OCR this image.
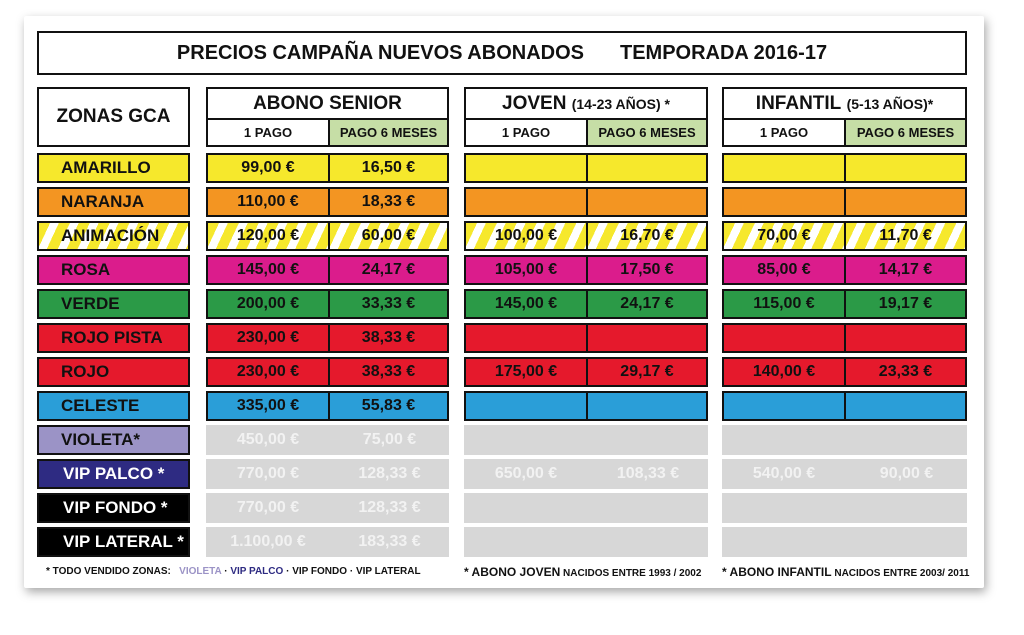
PRECIOS CAMPAÑA NUEVOS ABONADOS TEMPORADA 2016-17
ZONAS GCA
ABONO SENIOR
1 PAGO	PAGO 6 MESES
JOVEN
(14-23 AÑOS) *
1 PAGO	PAGO 6 MESES
INFANTIL
(5-13 AÑOS)*
1 PAGO	PAGO 6 MESES
AMARILLO	99,00 €	16,50 €
NARANJA	110,00 €	18,33 €
ANIMACIÓN	120,00 €	60,00 €	100,00 €	16,70 €	70,00 €	11,70 €
ROSA	145,00 €	24,17 €	105,00 €	17,50 €	85,00 €	14,17 €
VERDE	200,00 €	33,33 €	145,00 €	24,17 €	115,00 €	19,17 €
ROJO PISTA	230,00 €	38,33 €
ROJO	230,00 €	38,33 €	175,00 €	29,17 €	140,00 €	23,33 €
CELESTE	335,00 €	55,83 €
VIOLETA*	450,00 €	75,00 €
VIP PALCO *	770,00 €	128,33 €	650,00 €	108,33 €	540,00 €	90,00 €
VIP FONDO *	770,00 €	128,33 €
VIP LATERAL *	1.100,00 €	183,33 €
* TODO VENDIDO ZONAS: VIOLETA · VIP PALCO · VIP FONDO · VIP LATERAL	* ABONO JOVEN NACIDOS ENTRE 1993 / 2002 * ABONO INFANTIL NACIDOS ENTRE 2003/ 2011
